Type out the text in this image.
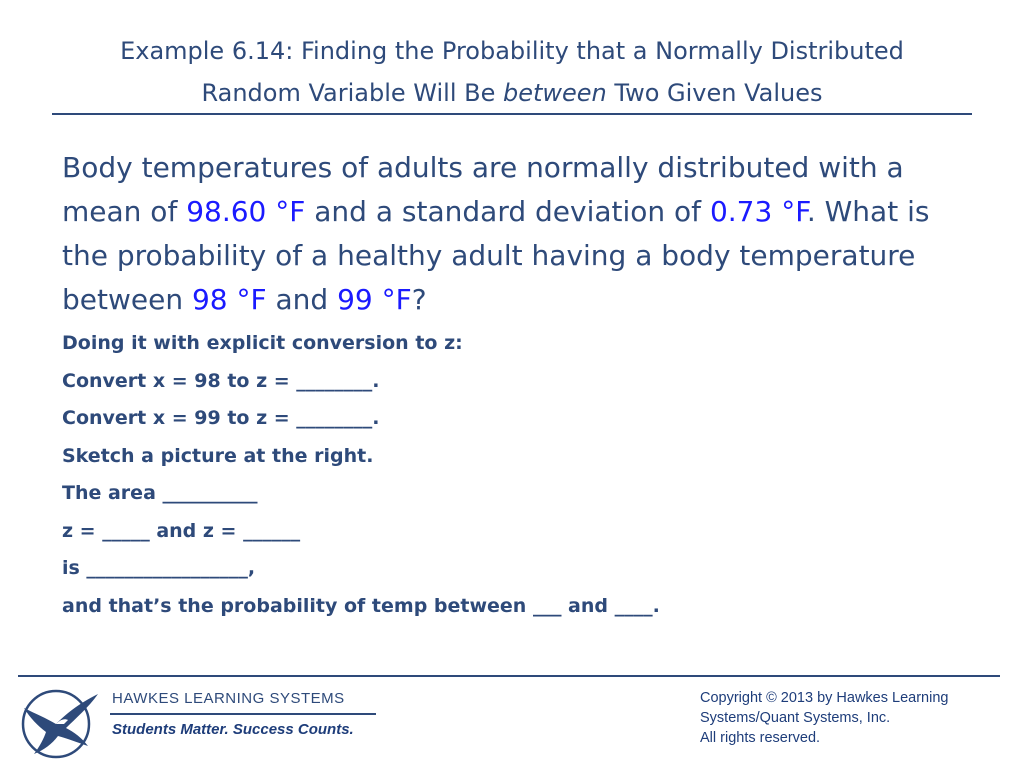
Example 6.14: Finding the Probability that a Normally Distributed
Random Variable Will Be between Two Given Values
Body temperatures of adults are normally distributed with a mean of 98.60 °F and a standard deviation of 0.73 °F. What is the probability of a healthy adult having a body temperature between 98 °F and 99 °F?
Doing it with explicit conversion to z:
Convert x = 98 to z = ________.
Convert x = 99 to z = ________.
Sketch a picture at the right.
The area __________
z = _____ and z = ______
is _________________,
and that’s the probability of temp between ___ and ____.
HAWKES LEARNING SYSTEMS
Students Matter. Success Counts.
Copyright © 2013 by Hawkes Learning
Systems/Quant Systems, Inc.
All rights reserved.
